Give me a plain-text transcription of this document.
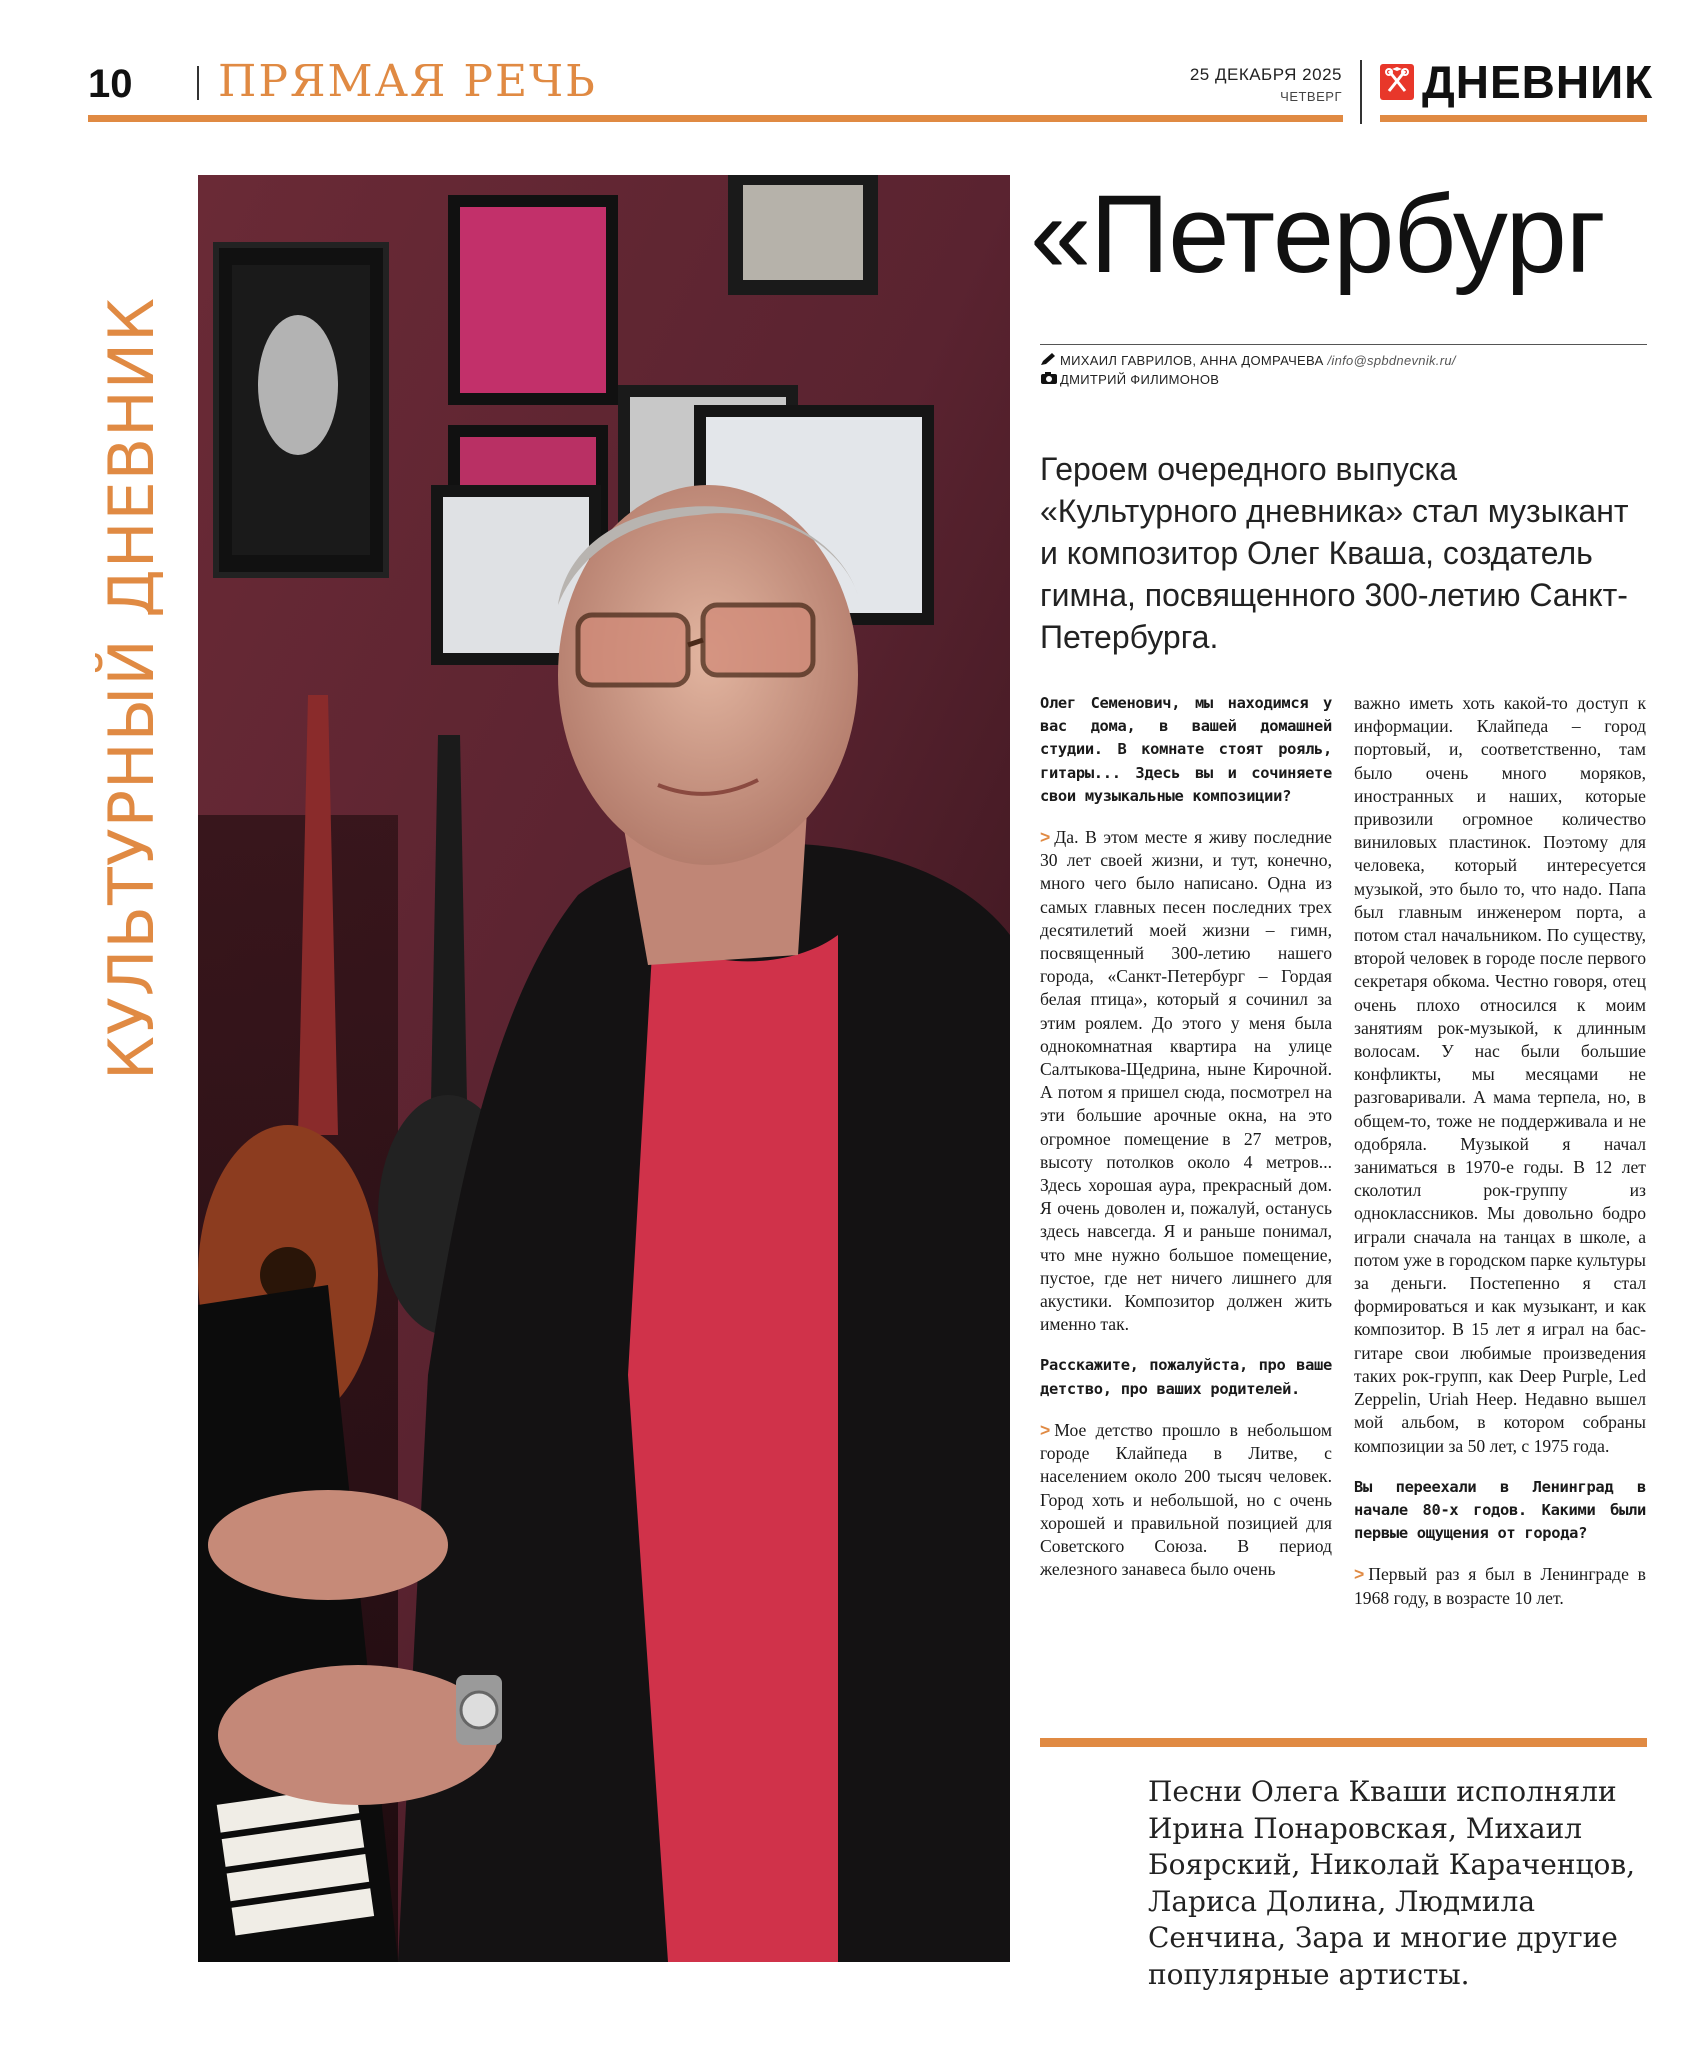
10 ПРЯМАЯ РЕЧЬ	25 ДЕКАБРЯ 2025
ЧЕТВЕРГ ДНЕВНИК
КУЛЬТУРНЫЙ ДНЕВНИК
«Петербург
МИХАИЛ ГАВРИЛОВ, АННА ДОМРАЧЕВА /info@spbdnevnik.ru/
ДМИТРИЙ ФИЛИМОНОВ
Героем очередного выпуска «Культурного дневника» стал музыкант и композитор Олег Кваша, создатель гимна, посвященного 300-летию Санкт-Петербурга.

Олег Семенович, мы находимся у вас дома, в вашей домашней студии. В комнате стоят рояль, гитары... Здесь вы и сочиняете свои музыкальные композиции?

> Да. В этом месте я живу последние 30 лет своей жизни, и тут, конечно, много чего было написано. Одна из самых главных песен последних трех десятилетий моей жизни – гимн, посвященный 300-летию нашего города, «Санкт-Петербург – Гордая белая птица», который я сочинил за этим роялем. До этого у меня была однокомнатная квартира на улице Салтыкова-Щедрина, ныне Кирочной. А потом я пришел сюда, посмотрел на эти большие арочные окна, на это огромное помещение в 27 метров, высоту потолков около 4 метров... Здесь хорошая аура, прекрасный дом. Я очень доволен и, пожалуй, останусь здесь навсегда. Я и раньше понимал, что мне нужно большое помещение, пустое, где нет ничего лишнего для акустики. Композитор должен жить именно так.

Расскажите, пожалуйста, про ваше детство, про ваших родителей.

> Мое детство прошло в небольшом городе Клайпеда в Литве, с населением около 200 тысяч человек. Город хоть и небольшой, но с очень хорошей и правильной позицией для Советского Союза. В период железного занавеса было очень

важно иметь хоть какой-то доступ к информации. Клайпеда – город портовый, и, соответственно, там было очень много моряков, иностранных и наших, которые привозили огромное количество виниловых пластинок. Поэтому для человека, который интересуется музыкой, это было то, что надо. Папа был главным инженером порта, а потом стал начальником. По существу, второй человек в городе после первого секретаря обкома. Честно говоря, отец очень плохо относился к моим занятиям рок-музыкой, к длинным волосам. У нас были большие конфликты, мы месяцами не разговаривали. А мама терпела, но, в общем-то, тоже не поддерживала и не одобряла. Музыкой я начал заниматься в 1970-е годы. В 12 лет сколотил рок-группу из одноклассников. Мы довольно бодро играли сначала на танцах в школе, а потом уже в городском парке культуры за деньги. Постепенно я стал формироваться и как музыкант, и как композитор. В 15 лет я играл на бас-гитаре свои любимые произведения таких рок-групп, как Deep Purple, Led Zeppelin, Uriah Heep. Недавно вышел мой альбом, в котором собраны композиции за 50 лет, с 1975 года.

Вы переехали в Ленинград в начале 80-х годов. Какими были первые ощущения от города?

> Первый раз я был в Ленинграде в 1968 году, в возрасте 10 лет.

Песни Олега Кваши исполняли Ирина Понаровская, Михаил Боярский, Николай Караченцов, Лариса Долина, Людмила Сенчина, Зара и многие другие популярные артисты.
